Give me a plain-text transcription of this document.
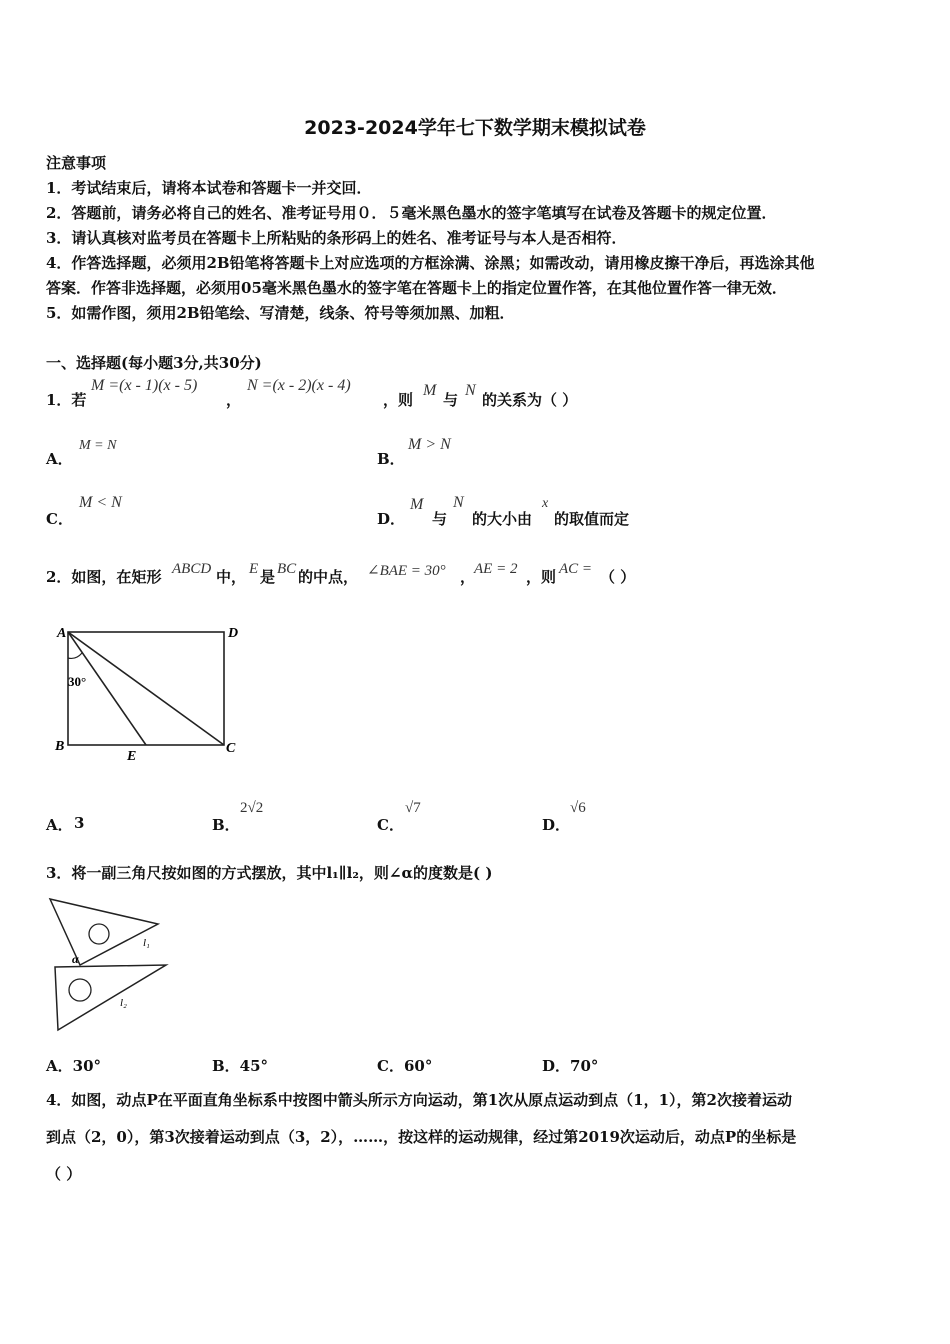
2023-2024学年七下数学期末模拟试卷
注意事项
1．考试结束后，请将本试卷和答题卡一并交回．
2．答题前，请务必将自己的姓名、准考证号用０．５毫米黑色墨水的签字笔填写在试卷及答题卡的规定位置．
3．请认真核对监考员在答题卡上所粘贴的条形码上的姓名、准考证号与本人是否相符．
4．作答选择题，必须用2B铅笔将答题卡上对应选项的方框涂满、涂黑；如需改动，请用橡皮擦干净后，再选涂其他
答案．作答非选择题，必须用05毫米黑色墨水的签字笔在答题卡上的指定位置作答，在其他位置作答一律无效．
5．如需作图，须用2B铅笔绘、写清楚，线条、符号等须加黑、加粗．
一、选择题(每小题3分,共30分)
1．若
M =(x - 1)(x - 5)
，
N =(x - 2)(x - 4)
，则
M
与
N
的关系为（ ）
A．
M = N
B．
M > N
C．
M < N
D．
M
与
N
的大小由
x
的取值而定
2．如图，在矩形 ABCD 中， E 是 BC 的中点， ∠BAE = 30° ，
AE = 2 ，则 AC = （ ）
A	D
B	C
E
30°
A． 3	B．
2√2
C．
√7
D．
√6
3．将一副三角尺按如图的方式摆放，其中l₁∥l₂，则∠α的度数是( )
l₁
l₂
α
A．30°	B．45°	C．60°	D．70°
4．如图，动点P在平面直角坐标系中按图中箭头所示方向运动，第1次从原点运动到点（1，1），第2次接着运动
到点（2，0），第3次接着运动到点（3，2），……，按这样的运动规律，经过第2019次运动后，动点P的坐标是
（ ）
